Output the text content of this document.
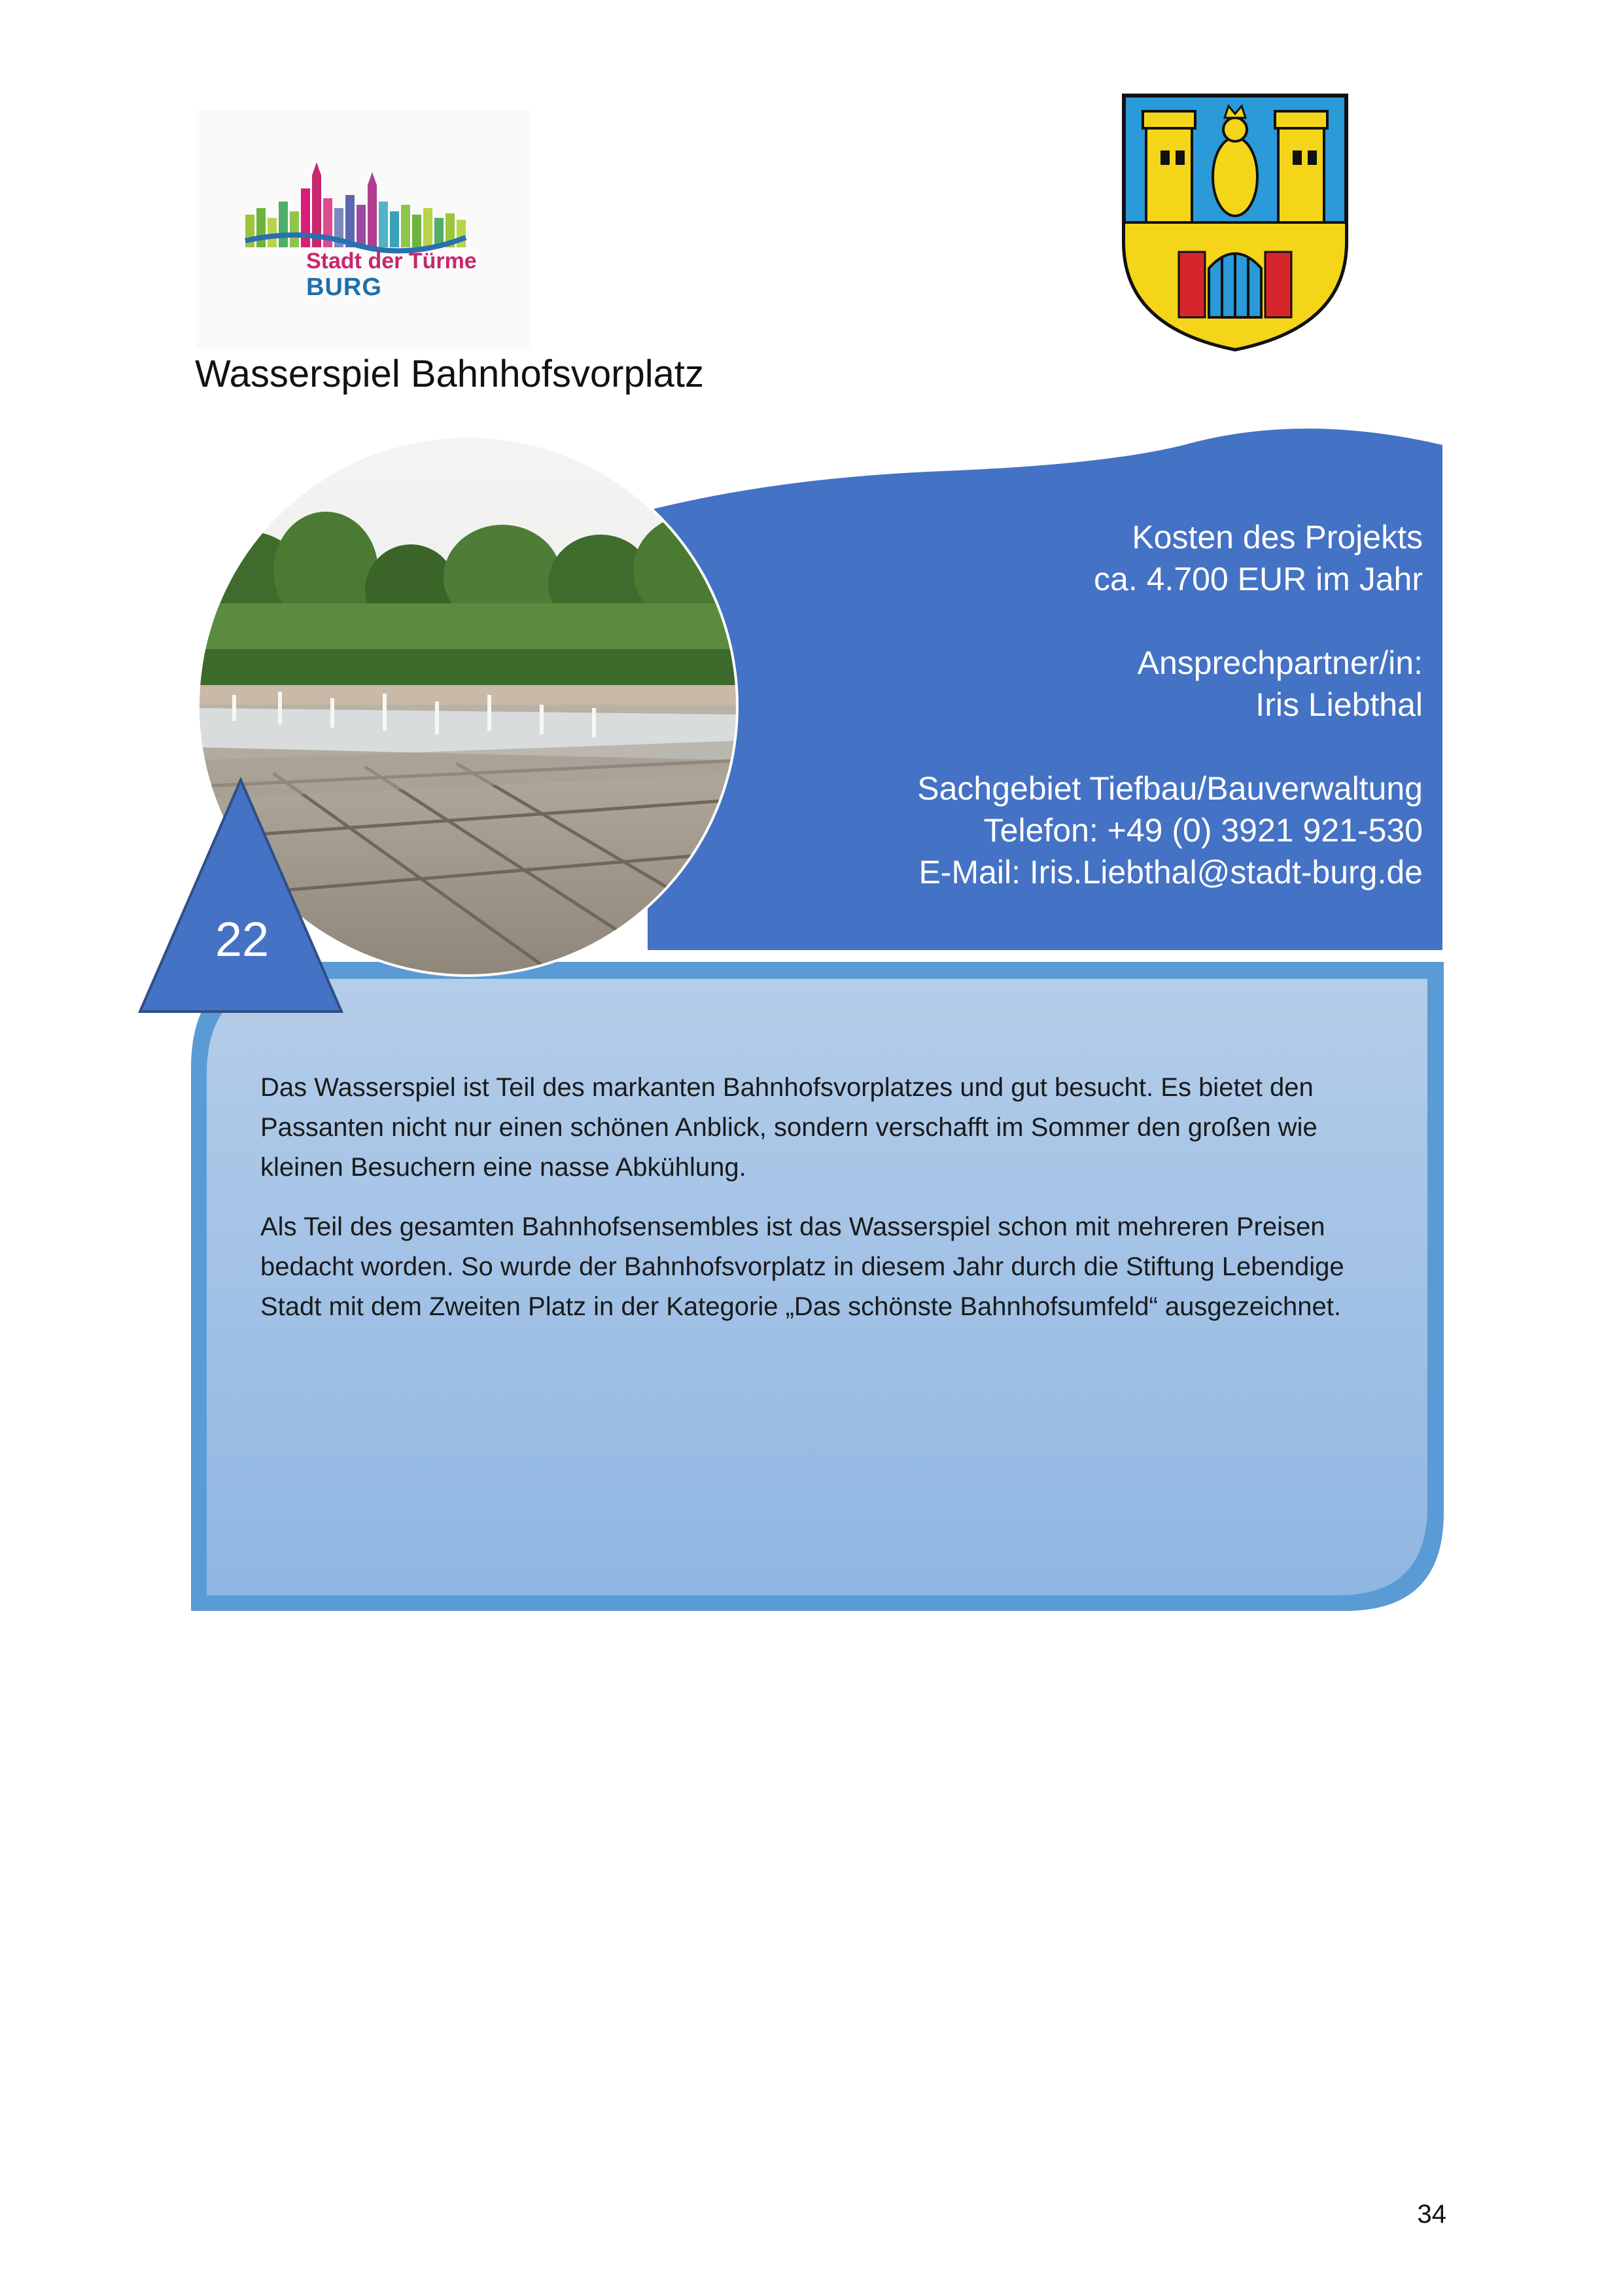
Stadt der Türme
BURG
Wasserspiel Bahnhofsvorplatz
Kosten des Projekts
ca. 4.700 EUR im Jahr
Ansprechpartner/in:
Iris Liebthal
Sachgebiet Tiefbau/Bauverwaltung
Telefon: +49 (0) 3921 921-530
E-Mail: Iris.Liebthal@stadt-burg.de
22

Das Wasserspiel ist Teil des markanten Bahnhofsvorplatzes und gut besucht. Es bietet den Passanten nicht nur einen schönen Anblick, sondern verschafft im Sommer den großen wie kleinen Besuchern eine nasse Abkühlung.

Als Teil des gesamten Bahnhofsensembles ist das Wasserspiel schon mit mehreren Preisen bedacht worden. So wurde der Bahnhofsvorplatz in diesem Jahr durch die Stiftung Lebendige Stadt mit dem Zweiten Platz in der Kategorie „Das schönste Bahnhofsumfeld“ ausgezeichnet.

34
